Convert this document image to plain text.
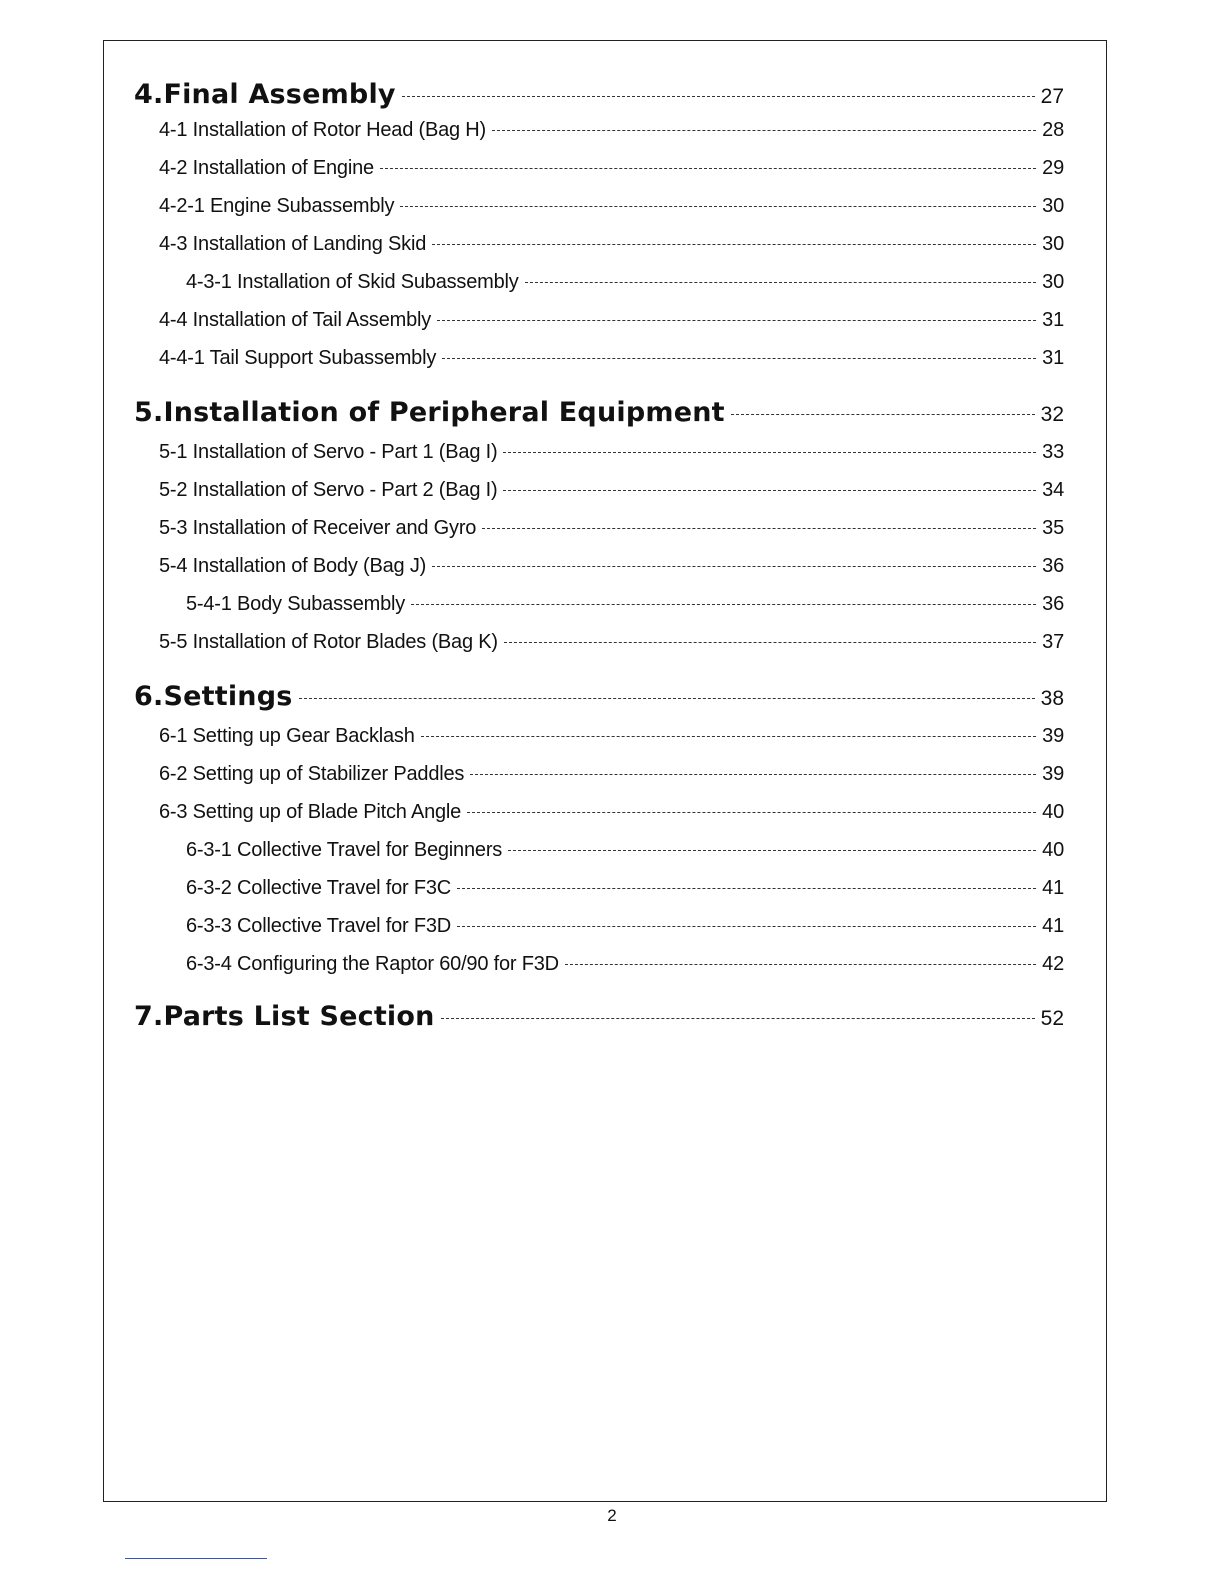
4.Final Assembly	27
4-1 Installation of Rotor Head (Bag H)	28
4-2 Installation of Engine	29
4-2-1 Engine Subassembly	30
4-3 Installation of Landing Skid	30
4-3-1 Installation of Skid Subassembly	30
4-4 Installation of Tail Assembly	31
4-4-1 Tail Support Subassembly	31
5.Installation of Peripheral Equipment	32
5-1 Installation of Servo - Part 1 (Bag I)	33
5-2 Installation of Servo - Part 2 (Bag I)	34
5-3 Installation of Receiver and Gyro	35
5-4 Installation of Body (Bag J)	36
5-4-1 Body Subassembly	36
5-5 Installation of Rotor Blades (Bag K)	37
6.Settings	38
6-1 Setting up Gear Backlash	39
6-2 Setting up of Stabilizer Paddles	39
6-3 Setting up of Blade Pitch Angle	40
6-3-1 Collective Travel for Beginners	40
6-3-2 Collective Travel for F3C	41
6-3-3 Collective Travel for F3D	41
6-3-4 Configuring the Raptor 60/90 for F3D	42
7.Parts List Section	52
2
